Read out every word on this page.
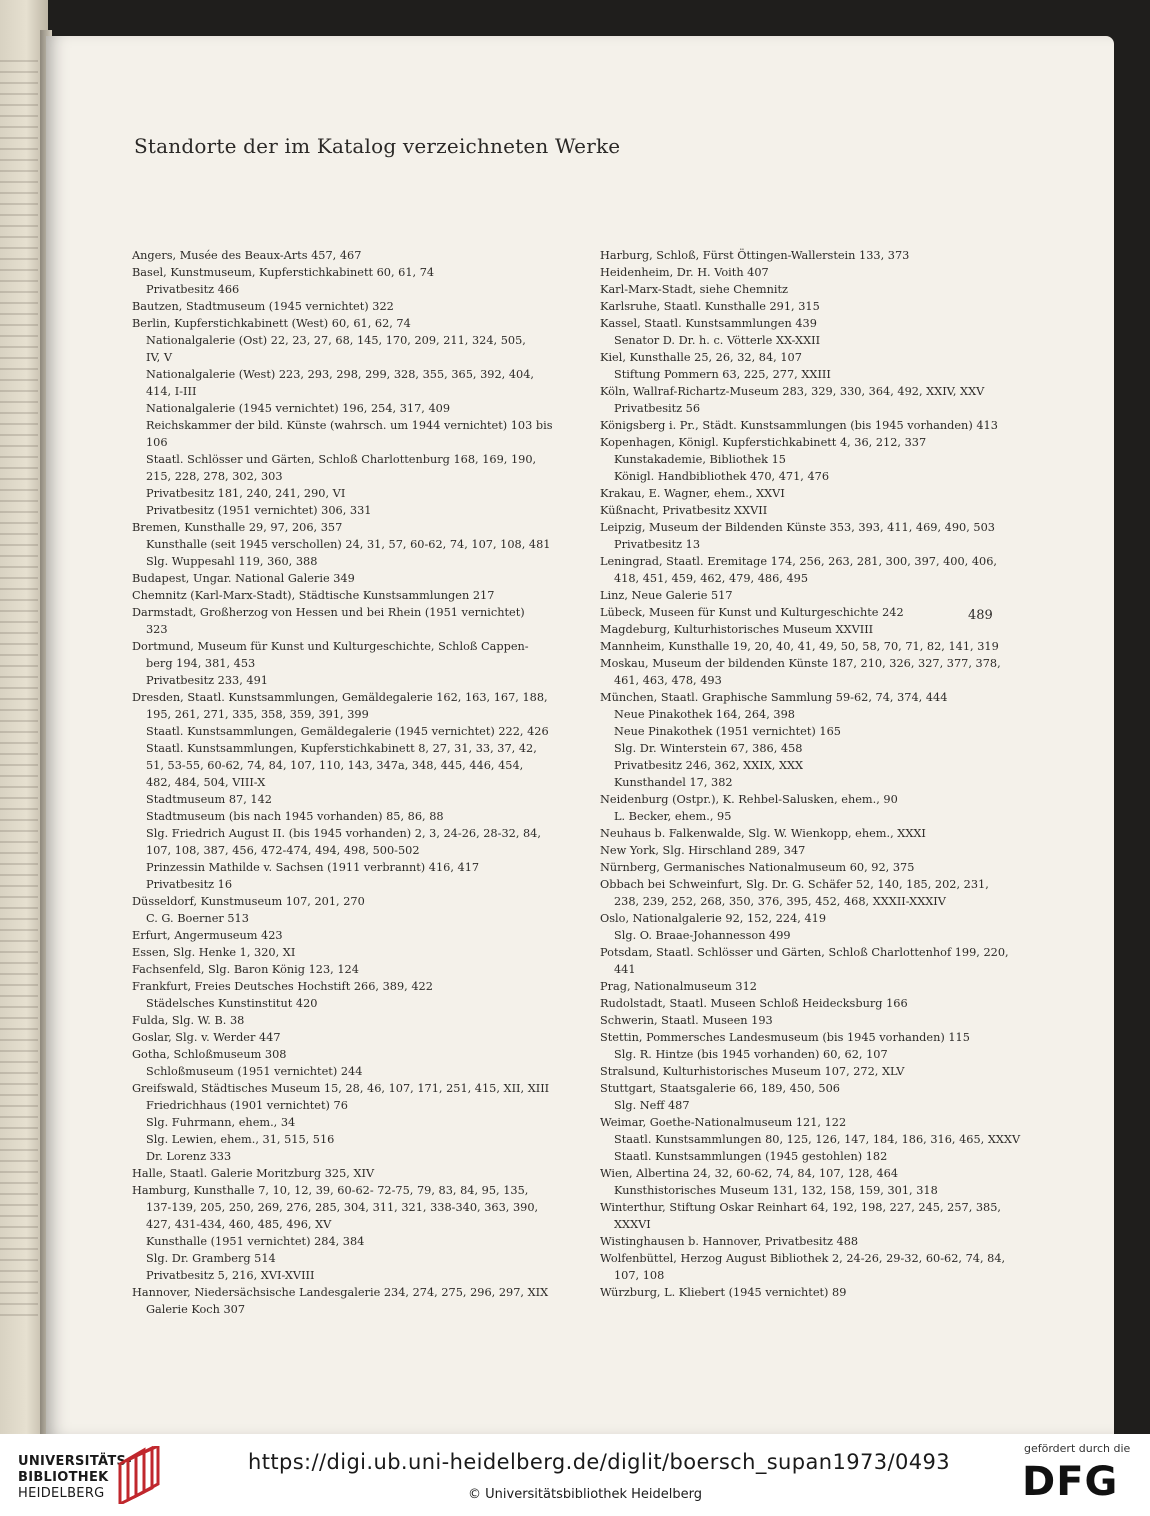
Standorte der im Katalog verzeichneten Werke
Angers, Musée des Beaux-Arts 457, 467
Basel, Kunstmuseum, Kupferstichkabinett 60, 61, 74
Privatbesitz 466
Bautzen, Stadtmuseum (1945 vernichtet) 322
Berlin, Kupferstichkabinett (West) 60, 61, 62, 74
Nationalgalerie (Ost) 22, 23, 27, 68, 145, 170, 209, 211, 324, 505,
IV, V
Nationalgalerie (West) 223, 293, 298, 299, 328, 355, 365, 392, 404,
414, I-III
Nationalgalerie (1945 vernichtet) 196, 254, 317, 409
Reichskammer der bild. Künste (wahrsch. um 1944 vernichtet) 103 bis
106
Staatl. Schlösser und Gärten, Schloß Charlottenburg 168, 169, 190,
215, 228, 278, 302, 303
Privatbesitz 181, 240, 241, 290, VI
Privatbesitz (1951 vernichtet) 306, 331
Bremen, Kunsthalle 29, 97, 206, 357
Kunsthalle (seit 1945 verschollen) 24, 31, 57, 60-62, 74, 107, 108, 481
Slg. Wuppesahl 119, 360, 388
Budapest, Ungar. National Galerie 349
Chemnitz (Karl-Marx-Stadt), Städtische Kunstsammlungen 217
Darmstadt, Großherzog von Hessen und bei Rhein (1951 vernichtet)
323
Dortmund, Museum für Kunst und Kulturgeschichte, Schloß Cappen-
berg 194, 381, 453
Privatbesitz 233, 491
Dresden, Staatl. Kunstsammlungen, Gemäldegalerie 162, 163, 167, 188,
195, 261, 271, 335, 358, 359, 391, 399
Staatl. Kunstsammlungen, Gemäldegalerie (1945 vernichtet) 222, 426
Staatl. Kunstsammlungen, Kupferstichkabinett 8, 27, 31, 33, 37, 42,
51, 53-55, 60-62, 74, 84, 107, 110, 143, 347a, 348, 445, 446, 454,
482, 484, 504, VIII-X
Stadtmuseum 87, 142
Stadtmuseum (bis nach 1945 vorhanden) 85, 86, 88
Slg. Friedrich August II. (bis 1945 vorhanden) 2, 3, 24-26, 28-32, 84,
107, 108, 387, 456, 472-474, 494, 498, 500-502
Prinzessin Mathilde v. Sachsen (1911 verbrannt) 416, 417
Privatbesitz 16
Düsseldorf, Kunstmuseum 107, 201, 270
C. G. Boerner 513
Erfurt, Angermuseum 423
Essen, Slg. Henke 1, 320, XI
Fachsenfeld, Slg. Baron König 123, 124
Frankfurt, Freies Deutsches Hochstift 266, 389, 422
Städelsches Kunstinstitut 420
Fulda, Slg. W. B. 38
Goslar, Slg. v. Werder 447
Gotha, Schloßmuseum 308
Schloßmuseum (1951 vernichtet) 244
Greifswald, Städtisches Museum 15, 28, 46, 107, 171, 251, 415, XII, XIII
Friedrichhaus (1901 vernichtet) 76
Slg. Fuhrmann, ehem., 34
Slg. Lewien, ehem., 31, 515, 516
Dr. Lorenz 333
Halle, Staatl. Galerie Moritzburg 325, XIV
Hamburg, Kunsthalle 7, 10, 12, 39, 60-62- 72-75, 79, 83, 84, 95, 135,
137-139, 205, 250, 269, 276, 285, 304, 311, 321, 338-340, 363, 390,
427, 431-434, 460, 485, 496, XV
Kunsthalle (1951 vernichtet) 284, 384
Slg. Dr. Gramberg 514
Privatbesitz 5, 216, XVI-XVIII
Hannover, Niedersächsische Landesgalerie 234, 274, 275, 296, 297, XIX
Galerie Koch 307
Harburg, Schloß, Fürst Öttingen-Wallerstein 133, 373
Heidenheim, Dr. H. Voith 407
Karl-Marx-Stadt, siehe Chemnitz
Karlsruhe, Staatl. Kunsthalle 291, 315
Kassel, Staatl. Kunstsammlungen 439
Senator D. Dr. h. c. Vötterle XX-XXII
Kiel, Kunsthalle 25, 26, 32, 84, 107
Stiftung Pommern 63, 225, 277, XXIII
Köln, Wallraf-Richartz-Museum 283, 329, 330, 364, 492, XXIV, XXV
Privatbesitz 56
Königsberg i. Pr., Städt. Kunstsammlungen (bis 1945 vorhanden) 413
Kopenhagen, Königl. Kupferstichkabinett 4, 36, 212, 337
Kunstakademie, Bibliothek 15
Königl. Handbibliothek 470, 471, 476
Krakau, E. Wagner, ehem., XXVI
Küßnacht, Privatbesitz XXVII
Leipzig, Museum der Bildenden Künste 353, 393, 411, 469, 490, 503
Privatbesitz 13
Leningrad, Staatl. Eremitage 174, 256, 263, 281, 300, 397, 400, 406,
418, 451, 459, 462, 479, 486, 495
Linz, Neue Galerie 517
Lübeck, Museen für Kunst und Kulturgeschichte 242
Magdeburg, Kulturhistorisches Museum XXVIII
Mannheim, Kunsthalle 19, 20, 40, 41, 49, 50, 58, 70, 71, 82, 141, 319
Moskau, Museum der bildenden Künste 187, 210, 326, 327, 377, 378,
461, 463, 478, 493
München, Staatl. Graphische Sammlung 59-62, 74, 374, 444
Neue Pinakothek 164, 264, 398
Neue Pinakothek (1951 vernichtet) 165
Slg. Dr. Winterstein 67, 386, 458
Privatbesitz 246, 362, XXIX, XXX
Kunsthandel 17, 382
Neidenburg (Ostpr.), K. Rehbel-Salusken, ehem., 90
L. Becker, ehem., 95
Neuhaus b. Falkenwalde, Slg. W. Wienkopp, ehem., XXXI
New York, Slg. Hirschland 289, 347
Nürnberg, Germanisches Nationalmuseum 60, 92, 375
Obbach bei Schweinfurt, Slg. Dr. G. Schäfer 52, 140, 185, 202, 231,
238, 239, 252, 268, 350, 376, 395, 452, 468, XXXII-XXXIV
Oslo, Nationalgalerie 92, 152, 224, 419
Slg. O. Braae-Johannesson 499
Potsdam, Staatl. Schlösser und Gärten, Schloß Charlottenhof 199, 220,
441
Prag, Nationalmuseum 312
Rudolstadt, Staatl. Museen Schloß Heidecksburg 166
Schwerin, Staatl. Museen 193
Stettin, Pommersches Landesmuseum (bis 1945 vorhanden) 115
Slg. R. Hintze (bis 1945 vorhanden) 60, 62, 107
Stralsund, Kulturhistorisches Museum 107, 272, XLV
Stuttgart, Staatsgalerie 66, 189, 450, 506
Slg. Neff 487
Weimar, Goethe-Nationalmuseum 121, 122
Staatl. Kunstsammlungen 80, 125, 126, 147, 184, 186, 316, 465, XXXV
Staatl. Kunstsammlungen (1945 gestohlen) 182
Wien, Albertina 24, 32, 60-62, 74, 84, 107, 128, 464
Kunsthistorisches Museum 131, 132, 158, 159, 301, 318
Winterthur, Stiftung Oskar Reinhart 64, 192, 198, 227, 245, 257, 385,
XXXVI
Wistinghausen b. Hannover, Privatbesitz 488
Wolfenbüttel, Herzog August Bibliothek 2, 24-26, 29-32, 60-62, 74, 84,
107, 108
Würzburg, L. Kliebert (1945 vernichtet) 89
489
UNIVERSITÄTS-
BIBLIOTHEK
HEIDELBERG
https://digi.ub.uni-heidelberg.de/diglit/boersch_supan1973/0493
© Universitätsbibliothek Heidelberg
gefördert durch die
DFG
